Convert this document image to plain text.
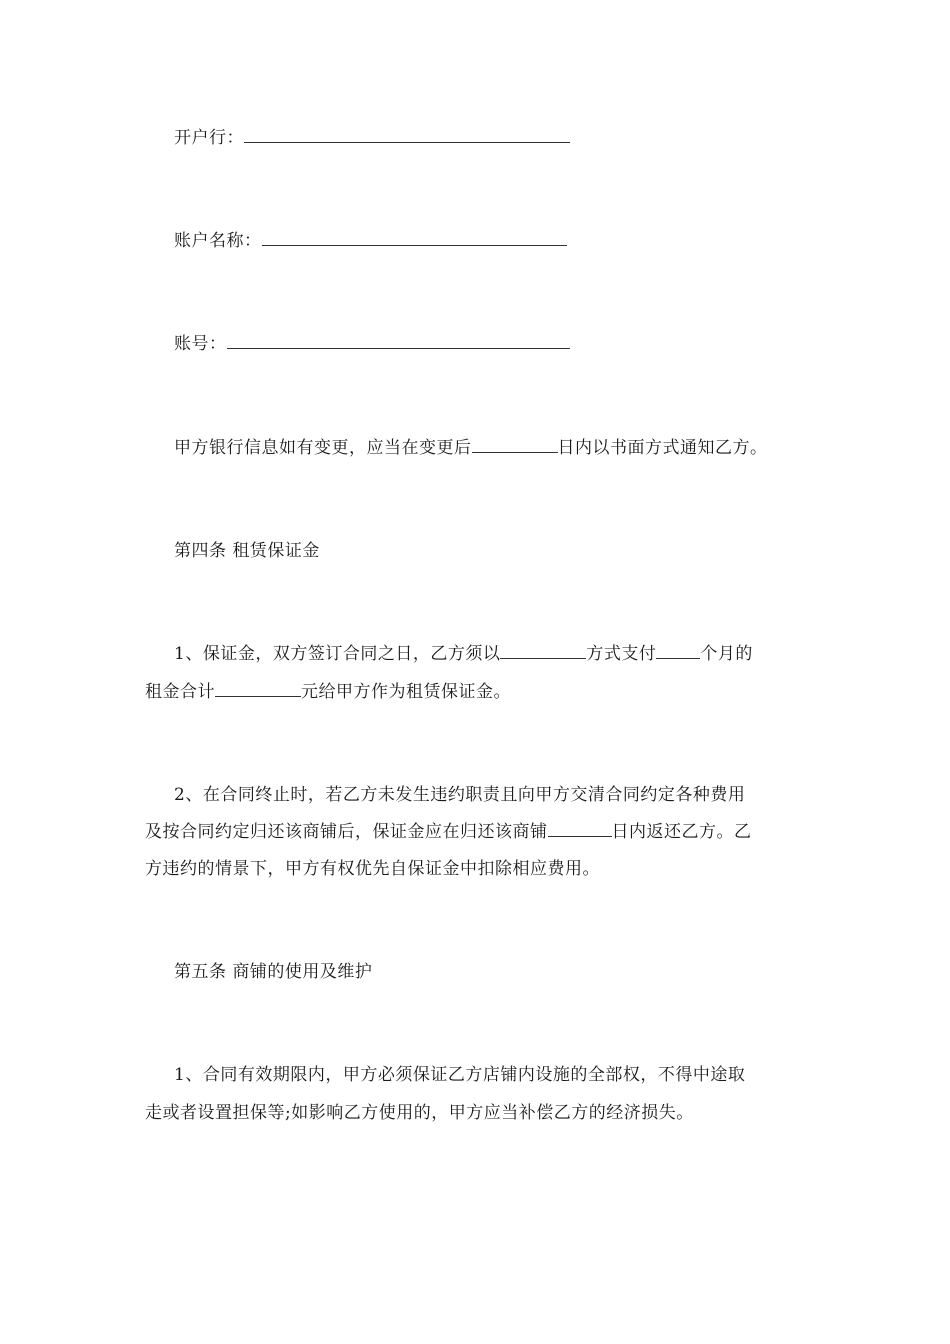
开户行：
账户名称：
账号：
甲方银行信息如有变更，应当在变更后	日内以书面方式通知乙方。
第四条 租赁保证金
1、保证金，双方签订合同之日，乙方须以	方式支付	个月的
租金合计	元给甲方作为租赁保证金。
2、在合同终止时，若乙方未发生违约职责且向甲方交清合同约定各种费用
及按合同约定归还该商铺后，保证金应在归还该商铺	日内返还乙方。乙
方违约的情景下，甲方有权优先自保证金中扣除相应费用。
第五条 商铺的使用及维护
1、合同有效期限内，甲方必须保证乙方店铺内设施的全部权，不得中途取
走或者设置担保等;如影响乙方使用的，甲方应当补偿乙方的经济损失。
